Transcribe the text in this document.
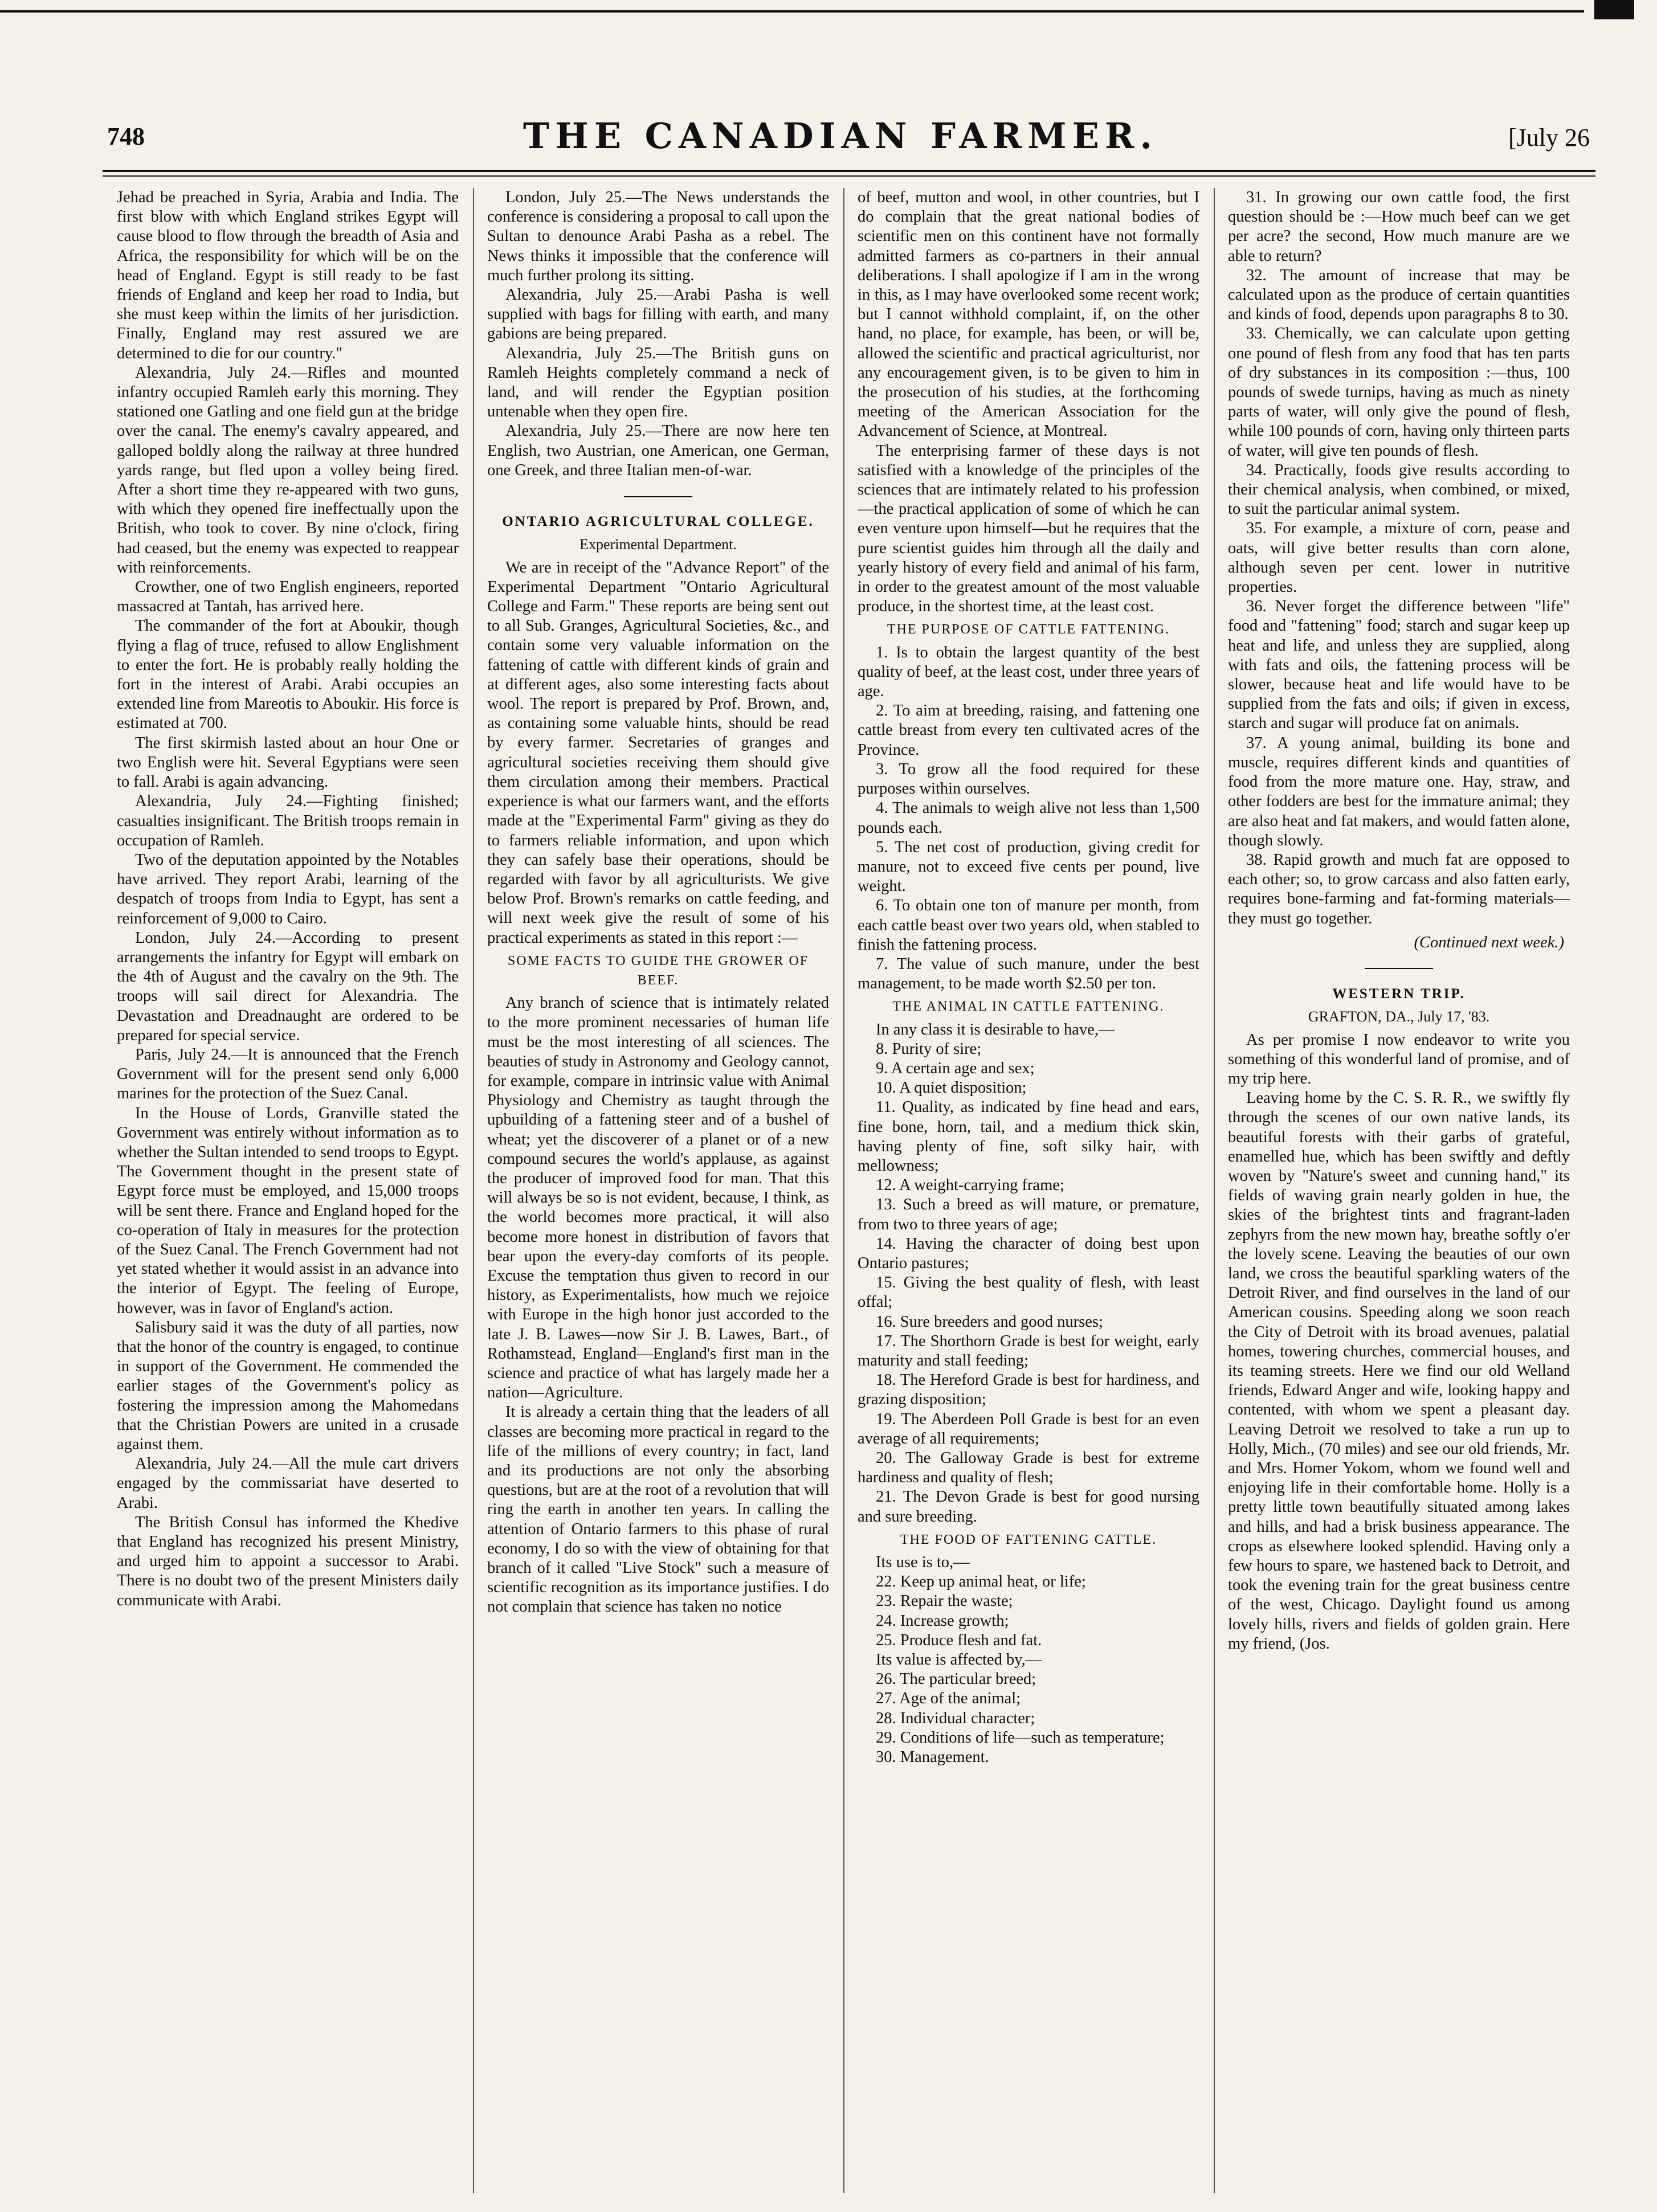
748	THE CANADIAN FARMER.	[July 26

Jehad be preached in Syria, Arabia and India. The first blow with which England strikes Egypt will cause blood to flow through the breadth of Asia and Africa, the responsibility for which will be on the head of England. Egypt is still ready to be fast friends of England and keep her road to India, but she must keep within the limits of her jurisdiction. Finally, England may rest assured we are determined to die for our country."

Alexandria, July 24.—Rifles and mounted infantry occupied Ramleh early this morning. They stationed one Gatling and one field gun at the bridge over the canal. The enemy's cavalry appeared, and galloped boldly along the railway at three hundred yards range, but fled upon a volley being fired. After a short time they re-appeared with two guns, with which they opened fire ineffectually upon the British, who took to cover. By nine o'clock, firing had ceased, but the enemy was expected to reappear with reinforcements.

Crowther, one of two English engineers, reported massacred at Tantah, has arrived here.

The commander of the fort at Aboukir, though flying a flag of truce, refused to allow Englishment to enter the fort. He is probably really holding the fort in the interest of Arabi. Arabi occupies an extended line from Mareotis to Aboukir. His force is estimated at 700.

The first skirmish lasted about an hour One or two English were hit. Several Egyptians were seen to fall. Arabi is again advancing.

Alexandria, July 24.—Fighting finished; casualties insignificant. The British troops remain in occupation of Ramleh.

Two of the deputation appointed by the Notables have arrived. They report Arabi, learning of the despatch of troops from India to Egypt, has sent a reinforcement of 9,000 to Cairo.

London, July 24.—According to present arrangements the infantry for Egypt will embark on the 4th of August and the cavalry on the 9th. The troops will sail direct for Alexandria. The Devastation and Dreadnaught are ordered to be prepared for special service.

Paris, July 24.—It is announced that the French Government will for the present send only 6,000 marines for the protection of the Suez Canal.

In the House of Lords, Granville stated the Government was entirely without information as to whether the Sultan intended to send troops to Egypt. The Government thought in the present state of Egypt force must be employed, and 15,000 troops will be sent there. France and England hoped for the co-operation of Italy in measures for the protection of the Suez Canal. The French Government had not yet stated whether it would assist in an advance into the interior of Egypt. The feeling of Europe, however, was in favor of England's action.

Salisbury said it was the duty of all parties, now that the honor of the country is engaged, to continue in support of the Government. He commended the earlier stages of the Government's policy as fostering the impression among the Mahomedans that the Christian Powers are united in a crusade against them.

Alexandria, July 24.—All the mule cart drivers engaged by the commissariat have deserted to Arabi.

The British Consul has informed the Khedive that England has recognized his present Ministry, and urged him to appoint a successor to Arabi. There is no doubt two of the present Ministers daily communicate with Arabi.

London, July 25.—The News understands the conference is considering a proposal to call upon the Sultan to denounce Arabi Pasha as a rebel. The News thinks it impossible that the conference will much further prolong its sitting.

Alexandria, July 25.—Arabi Pasha is well supplied with bags for filling with earth, and many gabions are being prepared.

Alexandria, July 25.—The British guns on Ramleh Heights completely command a neck of land, and will render the Egyptian position untenable when they open fire.

Alexandria, July 25.—There are now here ten English, two Austrian, one American, one German, one Greek, and three Italian men-of-war.

ONTARIO AGRICULTURAL COLLEGE.
Experimental Department.

We are in receipt of the "Advance Report" of the Experimental Department "Ontario Agricultural College and Farm." These reports are being sent out to all Sub. Granges, Agricultural Societies, &c., and contain some very valuable information on the fattening of cattle with different kinds of grain and at different ages, also some interesting facts about wool. The report is prepared by Prof. Brown, and, as containing some valuable hints, should be read by every farmer. Secretaries of granges and agricultural societies receiving them should give them circulation among their members. Practical experience is what our farmers want, and the efforts made at the "Experimental Farm" giving as they do to farmers reliable information, and upon which they can safely base their operations, should be regarded with favor by all agriculturists. We give below Prof. Brown's remarks on cattle feeding, and will next week give the result of some of his practical experiments as stated in this report :—

SOME FACTS TO GUIDE THE GROWER OF BEEF.

Any branch of science that is intimately related to the more prominent necessaries of human life must be the most interesting of all sciences. The beauties of study in Astronomy and Geology cannot, for example, compare in intrinsic value with Animal Physiology and Chemistry as taught through the upbuilding of a fattening steer and of a bushel of wheat; yet the discoverer of a planet or of a new compound secures the world's applause, as against the producer of improved food for man. That this will always be so is not evident, because, I think, as the world becomes more practical, it will also become more honest in distribution of favors that bear upon the every-day comforts of its people. Excuse the temptation thus given to record in our history, as Experimentalists, how much we rejoice with Europe in the high honor just accorded to the late J. B. Lawes—now Sir J. B. Lawes, Bart., of Rothamstead, England—England's first man in the science and practice of what has largely made her a nation—Agriculture.

It is already a certain thing that the leaders of all classes are becoming more practical in regard to the life of the millions of every country; in fact, land and its productions are not only the absorbing questions, but are at the root of a revolution that will ring the earth in another ten years. In calling the attention of Ontario farmers to this phase of rural economy, I do so with the view of obtaining for that branch of it called "Live Stock" such a measure of scientific recognition as its importance justifies. I do not complain that science has taken no notice

of beef, mutton and wool, in other countries, but I do complain that the great national bodies of scientific men on this continent have not formally admitted farmers as co-partners in their annual deliberations. I shall apologize if I am in the wrong in this, as I may have overlooked some recent work; but I cannot withhold complaint, if, on the other hand, no place, for example, has been, or will be, allowed the scientific and practical agriculturist, nor any encouragement given, is to be given to him in the prosecution of his studies, at the forthcoming meeting of the American Association for the Advancement of Science, at Montreal.

The enterprising farmer of these days is not satisfied with a knowledge of the principles of the sciences that are intimately related to his profession —the practical application of some of which he can even venture upon himself—but he requires that the pure scientist guides him through all the daily and yearly history of every field and animal of his farm, in order to the greatest amount of the most valuable produce, in the shortest time, at the least cost.

THE PURPOSE OF CATTLE FATTENING.

1. Is to obtain the largest quantity of the best quality of beef, at the least cost, under three years of age.

2. To aim at breeding, raising, and fattening one cattle breast from every ten cultivated acres of the Province.

3. To grow all the food required for these purposes within ourselves.

4. The animals to weigh alive not less than 1,500 pounds each.

5. The net cost of production, giving credit for manure, not to exceed five cents per pound, live weight.

6. To obtain one ton of manure per month, from each cattle beast over two years old, when stabled to finish the fattening process.

7. The value of such manure, under the best management, to be made worth $2.50 per ton.

THE ANIMAL IN CATTLE FATTENING.

In any class it is desirable to have,—

8. Purity of sire;

9. A certain age and sex;

10. A quiet disposition;

11. Quality, as indicated by fine head and ears, fine bone, horn, tail, and a medium thick skin, having plenty of fine, soft silky hair, with mellowness;

12. A weight-carrying frame;

13. Such a breed as will mature, or premature, from two to three years of age;

14. Having the character of doing best upon Ontario pastures;

15. Giving the best quality of flesh, with least offal;

16. Sure breeders and good nurses;

17. The Shorthorn Grade is best for weight, early maturity and stall feeding;

18. The Hereford Grade is best for hardiness, and grazing disposition;

19. The Aberdeen Poll Grade is best for an even average of all requirements;

20. The Galloway Grade is best for extreme hardiness and quality of flesh;

21. The Devon Grade is best for good nursing and sure breeding.

THE FOOD OF FATTENING CATTLE.

Its use is to,—

22. Keep up animal heat, or life;

23. Repair the waste;

24. Increase growth;

25. Produce flesh and fat.

Its value is affected by,—

26. The particular breed;

27. Age of the animal;

28. Individual character;

29. Conditions of life—such as temperature;

30. Management.

31. In growing our own cattle food, the first question should be :—How much beef can we get per acre? the second, How much manure are we able to return?

32. The amount of increase that may be calculated upon as the produce of certain quantities and kinds of food, depends upon paragraphs 8 to 30.

33. Chemically, we can calculate upon getting one pound of flesh from any food that has ten parts of dry substances in its composition :—thus, 100 pounds of swede turnips, having as much as ninety parts of water, will only give the pound of flesh, while 100 pounds of corn, having only thirteen parts of water, will give ten pounds of flesh.

34. Practically, foods give results according to their chemical analysis, when combined, or mixed, to suit the particular animal system.

35. For example, a mixture of corn, pease and oats, will give better results than corn alone, although seven per cent. lower in nutritive properties.

36. Never forget the difference between "life" food and "fattening" food; starch and sugar keep up heat and life, and unless they are supplied, along with fats and oils, the fattening process will be slower, because heat and life would have to be supplied from the fats and oils; if given in excess, starch and sugar will produce fat on animals.

37. A young animal, building its bone and muscle, requires different kinds and quantities of food from the more mature one. Hay, straw, and other fodders are best for the immature animal; they are also heat and fat makers, and would fatten alone, though slowly.

38. Rapid growth and much fat are opposed to each other; so, to grow carcass and also fatten early, requires bone-farming and fat-forming materials—they must go together.

(Continued next week.)
WESTERN TRIP.
GRAFTON, DA., July 17, '83.

As per promise I now endeavor to write you something of this wonderful land of promise, and of my trip here.

Leaving home by the C. S. R. R., we swiftly fly through the scenes of our own native lands, its beautiful forests with their garbs of grateful, enamelled hue, which has been swiftly and deftly woven by "Nature's sweet and cunning hand," its fields of waving grain nearly golden in hue, the skies of the brightest tints and fragrant-laden zephyrs from the new mown hay, breathe softly o'er the lovely scene. Leaving the beauties of our own land, we cross the beautiful sparkling waters of the Detroit River, and find ourselves in the land of our American cousins. Speeding along we soon reach the City of Detroit with its broad avenues, palatial homes, towering churches, commercial houses, and its teaming streets. Here we find our old Welland friends, Edward Anger and wife, looking happy and contented, with whom we spent a pleasant day. Leaving Detroit we resolved to take a run up to Holly, Mich., (70 miles) and see our old friends, Mr. and Mrs. Homer Yokom, whom we found well and enjoying life in their comfortable home. Holly is a pretty little town beautifully situated among lakes and hills, and had a brisk business appearance. The crops as elsewhere looked splendid. Having only a few hours to spare, we hastened back to Detroit, and took the evening train for the great business centre of the west, Chicago. Daylight found us among lovely hills, rivers and fields of golden grain. Here my friend, (Jos.
